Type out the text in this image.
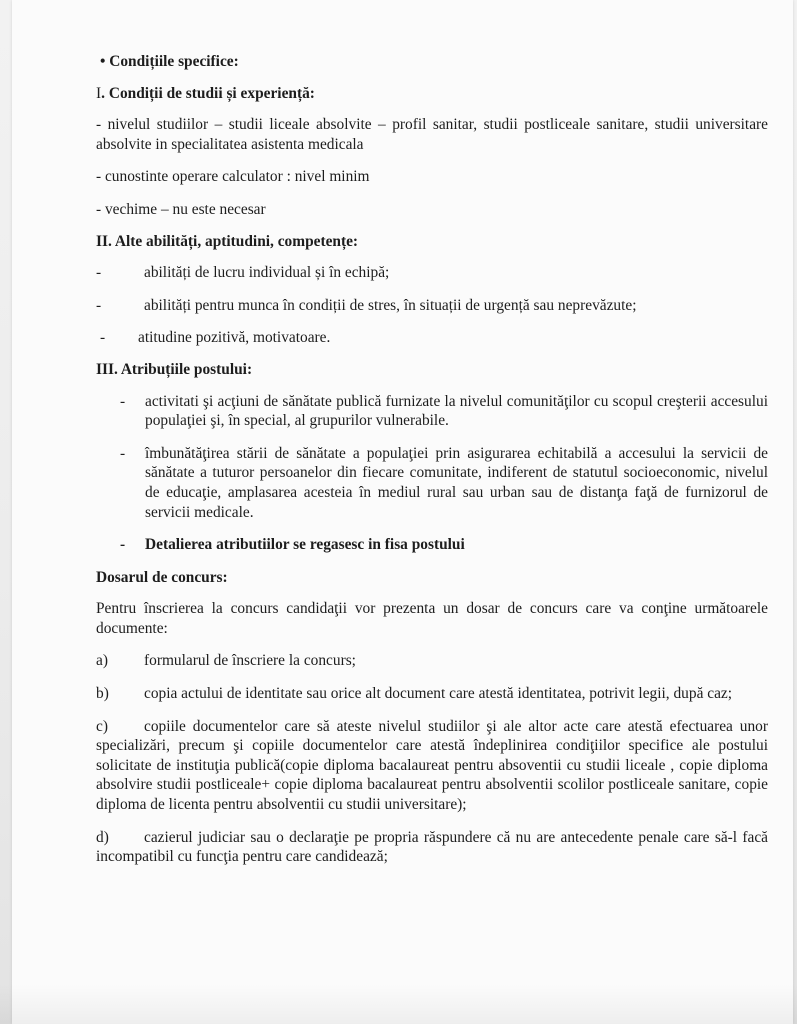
• Condițiile specifice:
I. Condiții de studii și experiență:

- nivelul studiilor – studii liceale absolvite – profil sanitar, studii postliceale sanitare, studii universitare absolvite in specialitatea asistenta medicala

- cunostinte operare calculator : nivel minim

- vechime – nu este necesar

II. Alte abilități, aptitudini, competențe:
-	abilități de lucru individual și în echipă;
-	abilități pentru munca în condiții de stres, în situații de urgență sau neprevăzute;
-	atitudine pozitivă, motivatoare.
III. Atribuțiile postului:
- activitati şi acţiuni de sănătate publică furnizate la nivelul comunităţilor cu scopul creşterii accesului populaţiei şi, în special, al grupurilor vulnerabile.
- îmbunătăţirea stării de sănătate a populaţiei prin asigurarea echitabilă a accesului la servicii de sănătate a tuturor persoanelor din fiecare comunitate, indiferent de statutul socioeconomic, nivelul de educaţie, amplasarea acesteia în mediul rural sau urban sau de distanţa faţă de furnizorul de servicii medicale.
- Detalierea atributiilor se regasesc in fisa postului
Dosarul de concurs:

Pentru înscrierea la concurs candidaţii vor prezenta un dosar de concurs care va conţine următoarele documente:

a) formularul de înscriere la concurs;
b) copia actului de identitate sau orice alt document care atestă identitatea, potrivit legii, după caz;
c) copiile documentelor care să ateste nivelul studiilor şi ale altor acte care atestă efectuarea unor specializări, precum şi copiile documentelor care atestă îndeplinirea condiţiilor specifice ale postului solicitate de instituţia publică(copie diploma bacalaureat pentru absoventii cu studii liceale , copie diploma absolvire studii postliceale+ copie diploma bacalaureat pentru absolventii scolilor postliceale sanitare, copie diploma de licenta pentru absolventii cu studii universitare);
d) cazierul judiciar sau o declaraţie pe propria răspundere că nu are antecedente penale care să-l facă incompatibil cu funcţia pentru care candidează;
